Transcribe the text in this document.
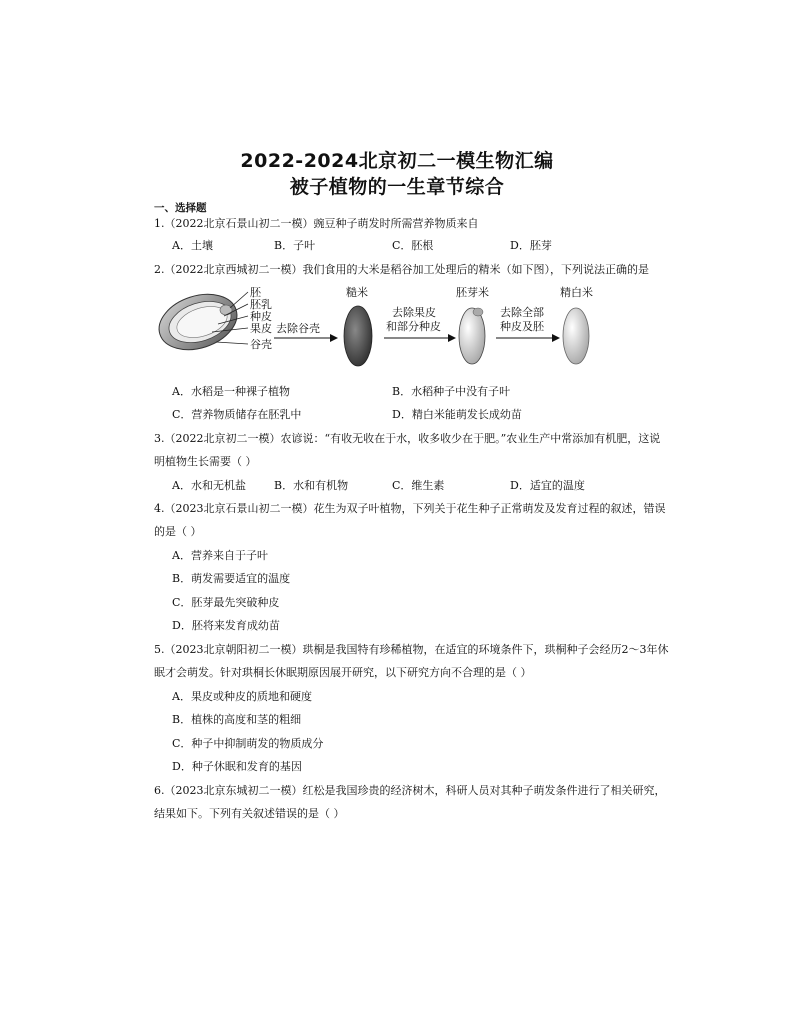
2022-2024北京初二一模生物汇编
被子植物的一生章节综合
一、选择题
1.（2022北京石景山初二一模）豌豆种子萌发时所需营养物质来自
A．土壤	B．子叶	C．胚根	D．胚芽
2.（2022北京西城初二一模）我们食用的大米是稻谷加工处理后的精米（如下图），下列说法正确的是
胚
胚乳
种皮
果皮
谷壳
去除谷壳
糙米
去除果皮
和部分种皮
胚芽米
去除全部
种皮及胚
精白米
A．水稻是一种裸子植物	B．水稻种子中没有子叶
C．营养物质储存在胚乳中	D．精白米能萌发长成幼苗
3.（2022北京初二一模）农谚说：“有收无收在于水，收多收少在于肥。”农业生产中常添加有机肥，这说
明植物生长需要（ ）
A．水和无机盐	B．水和有机物	C．维生素	D．适宜的温度
4.（2023北京石景山初二一模）花生为双子叶植物，下列关于花生种子正常萌发及发育过程的叙述，错误
的是（ ）
A．营养来自于子叶
B．萌发需要适宜的温度
C．胚芽最先突破种皮
D．胚将来发育成幼苗
5.（2023北京朝阳初二一模）珙桐是我国特有珍稀植物，在适宜的环境条件下，珙桐种子会经历2～3年休
眠才会萌发。针对珙桐长休眠期原因展开研究，以下研究方向不合理的是（ ）
A．果皮或种皮的质地和硬度
B．植株的高度和茎的粗细
C．种子中抑制萌发的物质成分
D．种子休眠和发育的基因
6.（2023北京东城初二一模）红松是我国珍贵的经济树木，科研人员对其种子萌发条件进行了相关研究，
结果如下。下列有关叙述错误的是（ ）
